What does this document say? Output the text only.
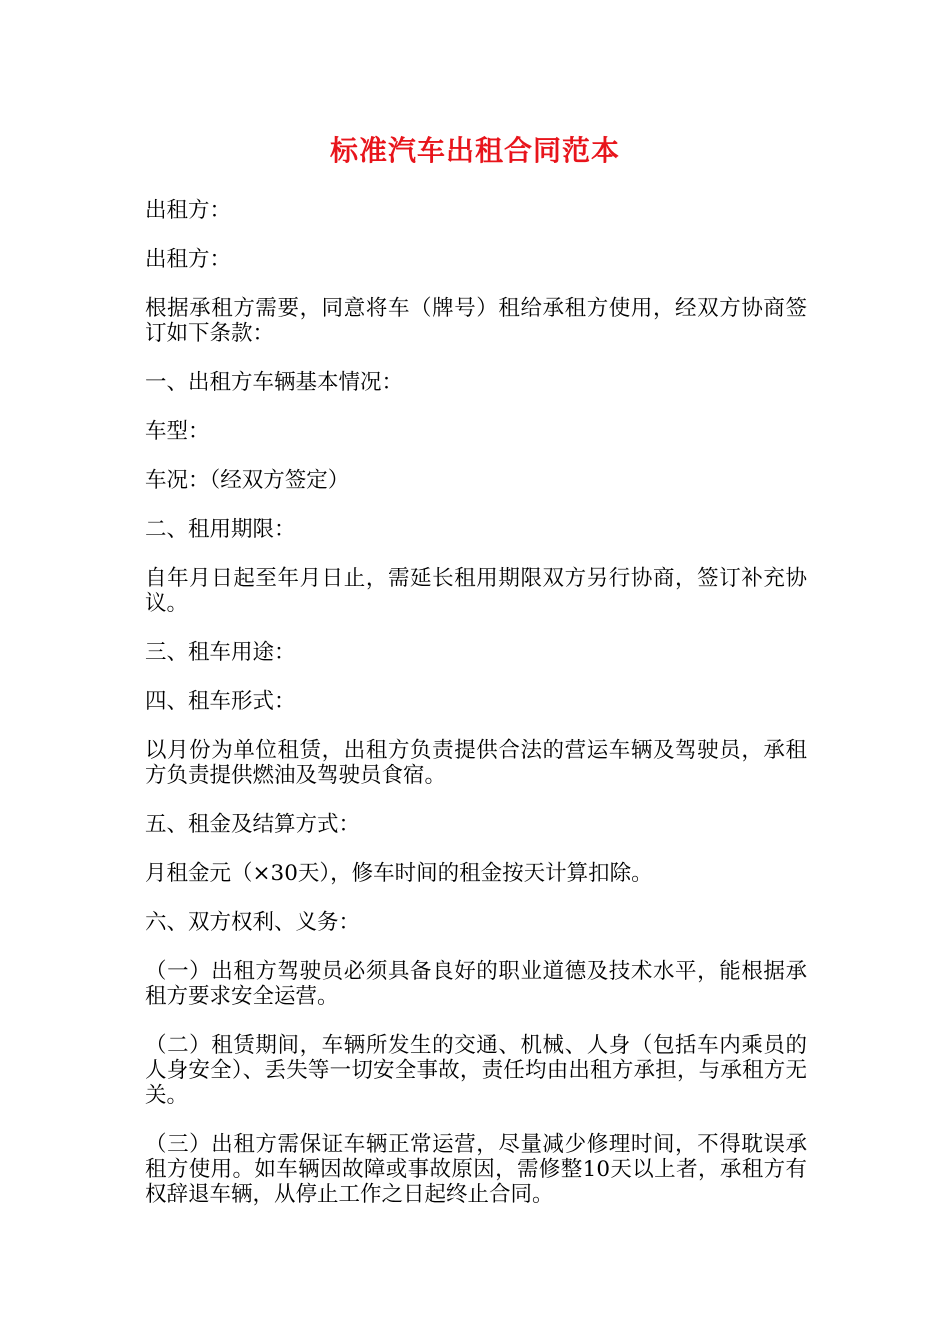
标准汽车出租合同范本

出租方：

出租方：

根据承租方需要，同意将车（牌号）租给承租方使用，经双方协商签订如下条款：

一、出租方车辆基本情况：

车型：

车况：（经双方签定）

二、租用期限：

自年月日起至年月日止，需延长租用期限双方另行协商，签订补充协议。

三、租车用途：

四、租车形式：

以月份为单位租赁，出租方负责提供合法的营运车辆及驾驶员，承租方负责提供燃油及驾驶员食宿。

五、租金及结算方式：

月租金元（×30天），修车时间的租金按天计算扣除。

六、双方权利、义务：

（一）出租方驾驶员必须具备良好的职业道德及技术水平，能根据承租方要求安全运营。

（二）租赁期间，车辆所发生的交通、机械、人身（包括车内乘员的人身安全）、丢失等一切安全事故，责任均由出租方承担，与承租方无关。

（三）出租方需保证车辆正常运营，尽量减少修理时间，不得耽误承租方使用。如车辆因故障或事故原因，需修整10天以上者，承租方有权辞退车辆，从停止工作之日起终止合同。
